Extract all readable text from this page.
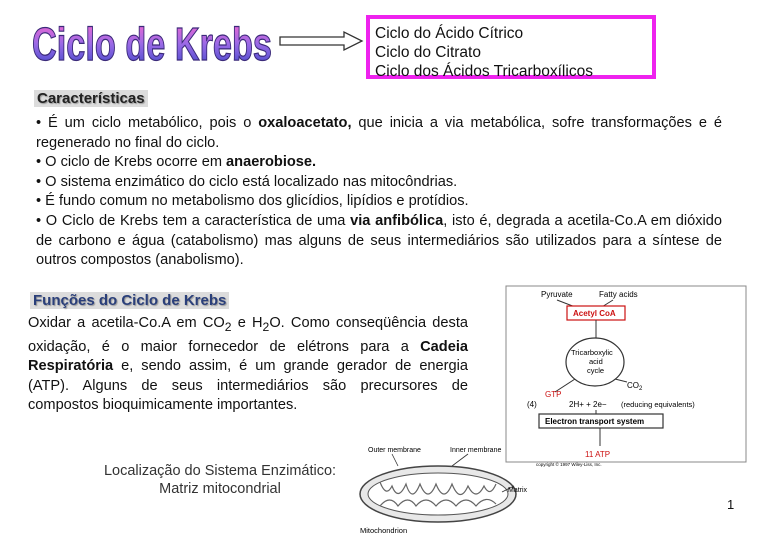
Ciclo de Krebs	Ciclo do Ácido Cítrico
Ciclo do Citrato
Ciclo dos Ácidos Tricarboxílicos
Características

• É um ciclo metabólico, pois o oxaloacetato, que inicia a via metabólica, sofre transformações e é regenerado no final do ciclo.

• O ciclo de Krebs ocorre em anaerobiose.

• O sistema enzimático do ciclo está localizado nas mitocôndrias.

• É fundo comum no metabolismo dos glicídios, lipídios e protídios.

• O Ciclo de Krebs tem a característica de uma via anfibólica, isto é, degrada a acetila-Co.A em dióxido de carbono e água (catabolismo) mas alguns de seus intermediários são utilizados para a síntese de outros compostos (anabolismo).

Funções do Ciclo de Krebs
Oxidar a acetila-Co.A em $CO_2$ e $H_2O$. Como conseqüência desta oxidação, é o maior fornecedor de elétrons para a Cadeia Respiratória e, sendo assim, é um grande gerador de energia (ATP). Alguns de seus intermediários são precursores de compostos bioquimicamente importantes.
Localização do Sistema Enzimático:
Matriz mitocondrial
Pyruvate	Fatty acids
Acetyl CoA
Tricarboxylic
acid
cycle
$CO_2$
GTP
(4)	2H+ + 2e− (reducing equivalents)
Electron transport system
11 ATP
copyright © 1997 Wiley-Liss, Inc.
Outer membrane	Inner membrane
Matrix
Mitochondrion
1
